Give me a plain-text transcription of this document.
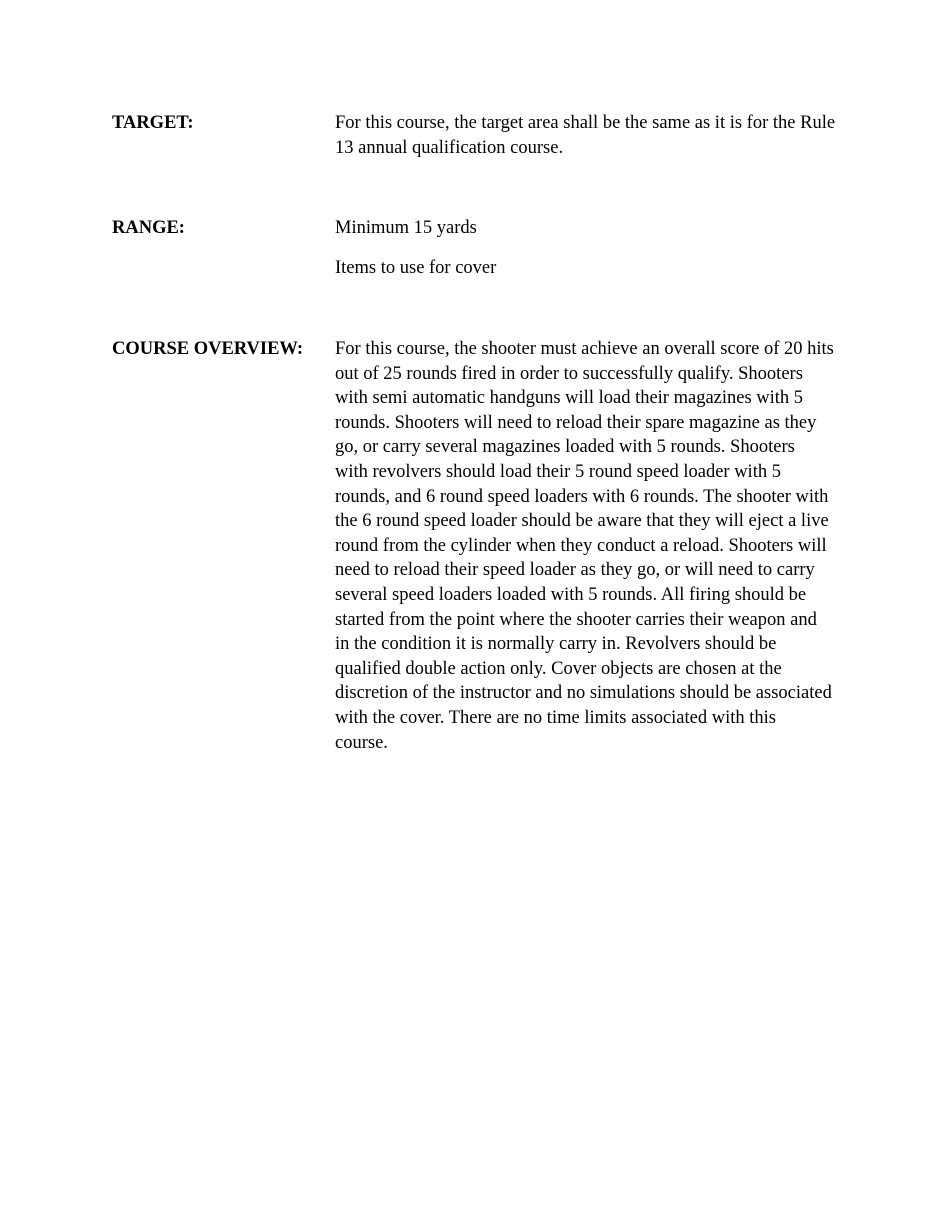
TARGET:	For this course, the target area shall be the same as it is for the Rule 13 annual qualification course.
RANGE:	Minimum 15 yards
Items to use for cover
COURSE OVERVIEW: For this course, the shooter must achieve an overall score of 20 hits
out of 25 rounds fired in order to successfully qualify. Shooters
with semi automatic handguns will load their magazines with 5
rounds. Shooters will need to reload their spare magazine as they
go, or carry several magazines loaded with 5 rounds. Shooters
with revolvers should load their 5 round speed loader with 5
rounds, and 6 round speed loaders with 6 rounds. The shooter with
the 6 round speed loader should be aware that they will eject a live
round from the cylinder when they conduct a reload. Shooters will
need to reload their speed loader as they go, or will need to carry
several speed loaders loaded with 5 rounds. All firing should be
started from the point where the shooter carries their weapon and
in the condition it is normally carry in. Revolvers should be
qualified double action only. Cover objects are chosen at the
discretion of the instructor and no simulations should be associated
with the cover. There are no time limits associated with this
course.
